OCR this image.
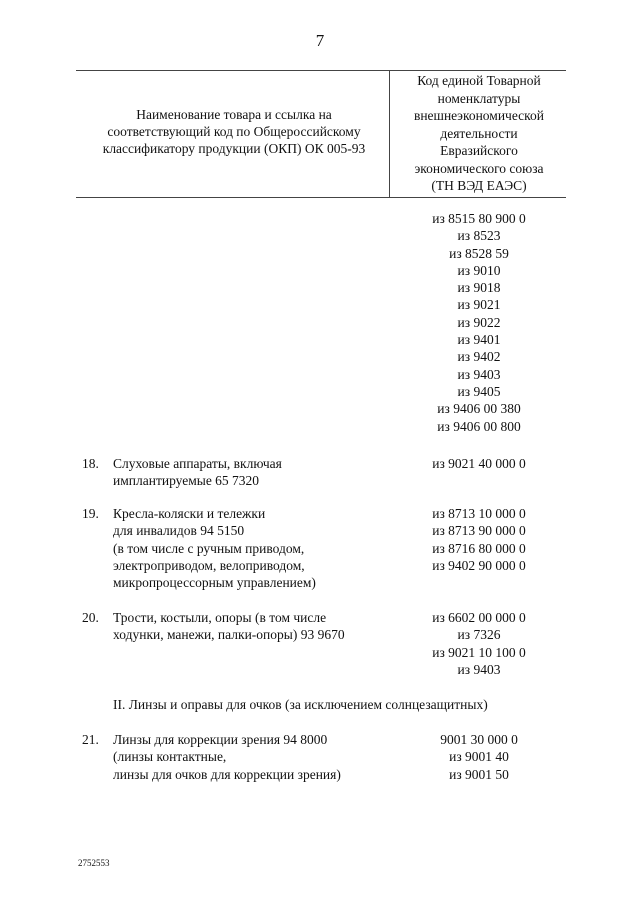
7
Наименование товара и ссылка на
соответствующий код по Общероссийскому
классификатору продукции (ОКП) ОК 005-93
Код единой Товарной
номенклатуры
внешнеэкономической
деятельности
Евразийского
экономического союза
(ТН ВЭД ЕАЭС)
из 8515 80 900 0
из 8523
из 8528 59
из 9010
из 9018
из 9021
из 9022
из 9401
из 9402
из 9403
из 9405
из 9406 00 380
из 9406 00 800
18. Слуховые аппараты, включая
имплантируемые 65 7320
из 9021 40 000 0
19. Кресла-коляски и тележки
для инвалидов 94 5150
(в том числе с ручным приводом,
электроприводом, велоприводом,
микропроцессорным управлением)
из 8713 10 000 0
из 8713 90 000 0
из 8716 80 000 0
из 9402 90 000 0
20. Трости, костыли, опоры (в том числе
ходунки, манежи, палки-опоры) 93 9670
из 6602 00 000 0
из 7326
из 9021 10 100 0
из 9403
II. Линзы и оправы для очков (за исключением солнцезащитных)
21. Линзы для коррекции зрения 94 8000
(линзы контактные,
линзы для очков для коррекции зрения)
9001 30 000 0
из 9001 40
из 9001 50
2752553
